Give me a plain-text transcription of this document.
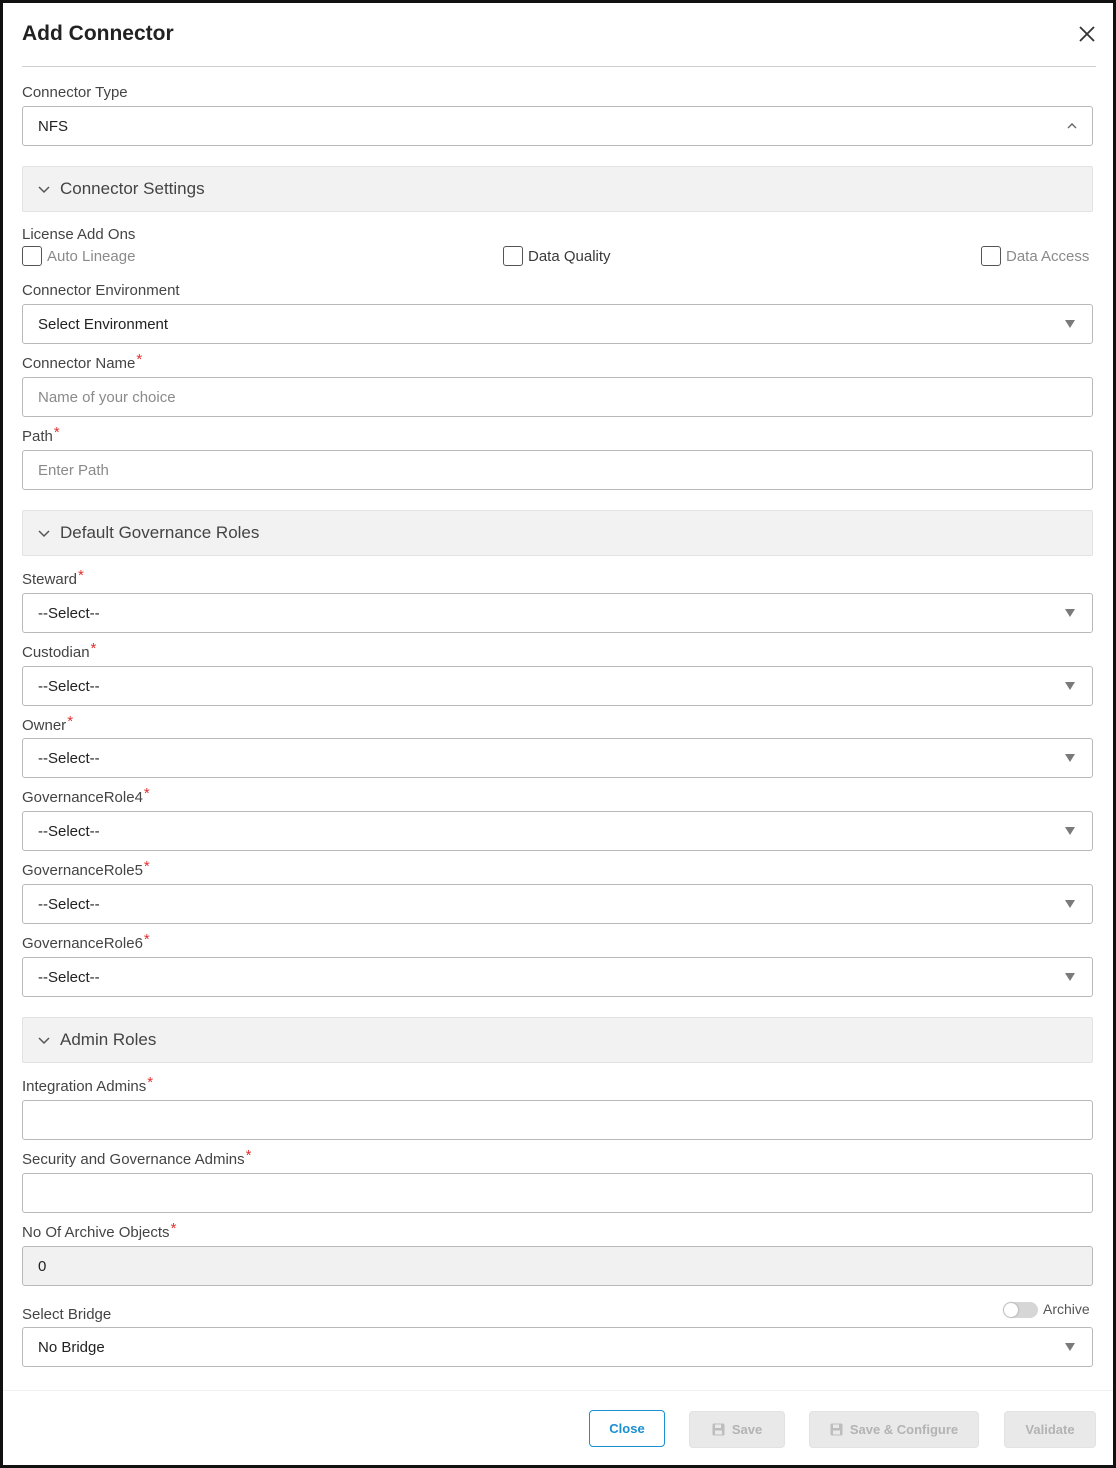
Add Connector
Connector Type
NFS
Connector Settings
License Add Ons
Auto Lineage	Data Quality	Data Access
Connector Environment
Select Environment
Connector Name*
Name of your choice
Path*
Enter Path
Default Governance Roles
Steward*
--Select--
Custodian*
--Select--
Owner*
--Select--
GovernanceRole4*
--Select--
GovernanceRole5*
--Select--
GovernanceRole6*
--Select--
Admin Roles
Integration Admins*
Security and Governance Admins*
No Of Archive Objects*
0
Select Bridge	Archive
No Bridge
Close	Save	Save & Configure	Validate
